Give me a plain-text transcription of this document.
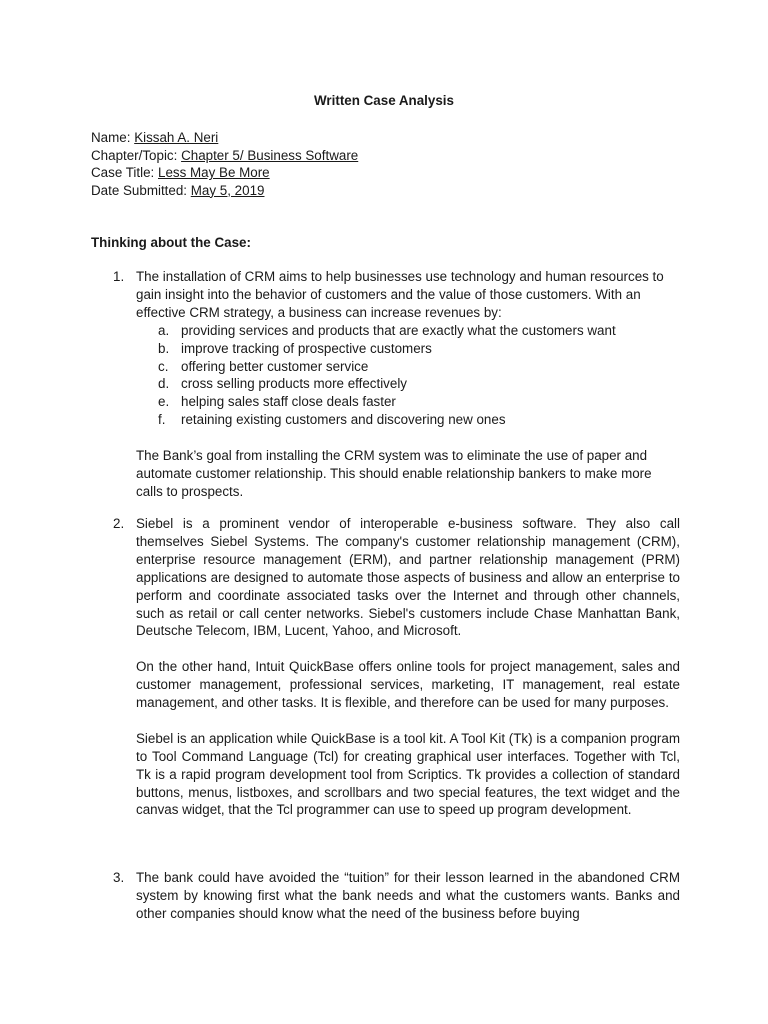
Written Case Analysis
Name: Kissah A. Neri
Chapter/Topic: Chapter 5/ Business Software
Case Title: Less May Be More
Date Submitted: May 5, 2019
Thinking about the Case:
1. The installation of CRM aims to help businesses use technology and human resources to gain insight into the behavior of customers and the value of those customers. With an effective CRM strategy, a business can increase revenues by:

a. providing services and products that are exactly what the customers want
b. improve tracking of prospective customers
c. offering better customer service
d. cross selling products more effectively
e. helping sales staff close deals faster
f. retaining existing customers and discovering new ones

The Bank’s goal from installing the CRM system was to eliminate the use of paper and automate customer relationship. This should enable relationship bankers to make more calls to prospects.

2. Siebel is a prominent vendor of interoperable e-business software. They also call themselves Siebel Systems. The company's customer relationship management (CRM), enterprise resource management (ERM), and partner relationship management (PRM) applications are designed to automate those aspects of business and allow an enterprise to perform and coordinate associated tasks over the Internet and through other channels, such as retail or call center networks. Siebel's customers include Chase Manhattan Bank, Deutsche Telecom, IBM, Lucent, Yahoo, and Microsoft.

On the other hand, Intuit QuickBase offers online tools for project management, sales and customer management, professional services, marketing, IT management, real estate management, and other tasks. It is flexible, and therefore can be used for many purposes.

Siebel is an application while QuickBase is a tool kit. A Tool Kit (Tk) is a companion program to Tool Command Language (Tcl) for creating graphical user interfaces. Together with Tcl, Tk is a rapid program development tool from Scriptics. Tk provides a collection of standard buttons, menus, listboxes, and scrollbars and two special features, the text widget and the canvas widget, that the Tcl programmer can use to speed up program development.

3. The bank could have avoided the “tuition” for their lesson learned in the abandoned CRM system by knowing first what the bank needs and what the customers wants. Banks and other companies should know what the need of the business before buying
